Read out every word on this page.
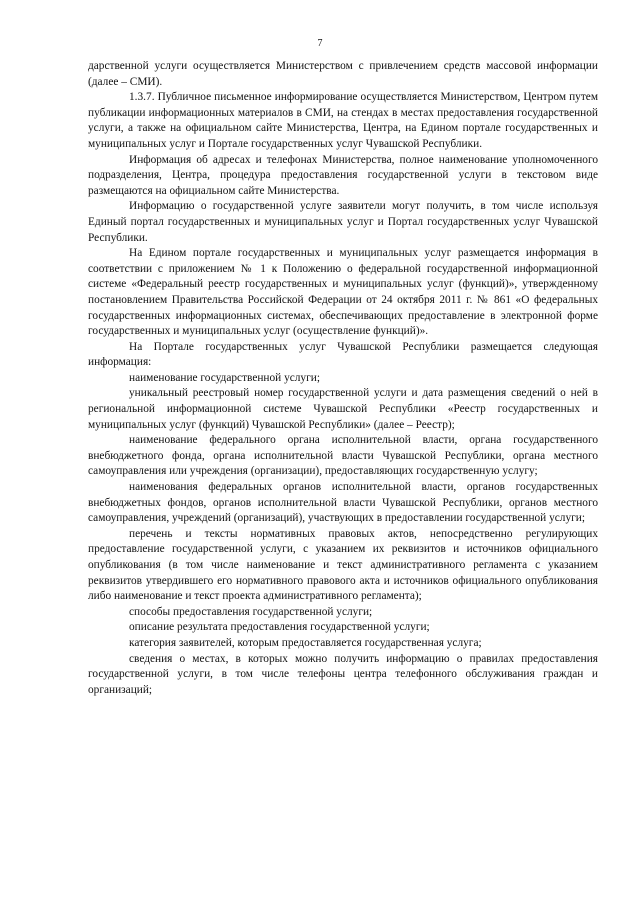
7

дарственной услуги осуществляется Министерством с привлечением средств массовой информации (далее – СМИ).

1.3.7. Публичное письменное информирование осуществляется Министерством, Центром путем публикации информационных материалов в СМИ, на стендах в местах предоставления государственной услуги, а также на официальном сайте Министерства, Центра, на Едином портале государственных и муниципальных услуг и Портале государственных услуг Чувашской Республики.

Информация об адресах и телефонах Министерства, полное наименование уполномоченного подразделения, Центра, процедура предоставления государственной услуги в текстовом виде размещаются на официальном сайте Министерства.

Информацию о государственной услуге заявители могут получить, в том числе используя Единый портал государственных и муниципальных услуг и Портал государственных услуг Чувашской Республики.

На Едином портале государственных и муниципальных услуг размещается информация в соответствии с приложением № 1 к Положению о федеральной государственной информационной системе «Федеральный реестр государственных и муниципальных услуг (функций)», утвержденному постановлением Правительства Российской Федерации от 24 октября 2011 г. № 861 «О федеральных государственных информационных системах, обеспечивающих предоставление в электронной форме государственных и муниципальных услуг (осуществление функций)».

На Портале государственных услуг Чувашской Республики размещается следующая информация:

наименование государственной услуги;

уникальный реестровый номер государственной услуги и дата размещения сведений о ней в региональной информационной системе Чувашской Республики «Реестр государственных и муниципальных услуг (функций) Чувашской Республики» (далее – Реестр);

наименование федерального органа исполнительной власти, органа государственного внебюджетного фонда, органа исполнительной власти Чувашской Республики, органа местного самоуправления или учреждения (организации), предоставляющих государственную услугу;

наименования федеральных органов исполнительной власти, органов государственных внебюджетных фондов, органов исполнительной власти Чувашской Республики, органов местного самоуправления, учреждений (организаций), участвующих в предоставлении государственной услуги;

перечень и тексты нормативных правовых актов, непосредственно регулирующих предоставление государственной услуги, с указанием их реквизитов и источников официального опубликования (в том числе наименование и текст административного регламента с указанием реквизитов утвердившего его нормативного правового акта и источников официального опубликования либо наименование и текст проекта административного регламента);

способы предоставления государственной услуги;

описание результата предоставления государственной услуги;

категория заявителей, которым предоставляется государственная услуга;

сведения о местах, в которых можно получить информацию о правилах предоставления государственной услуги, в том числе телефоны центра телефонного обслуживания граждан и организаций;
